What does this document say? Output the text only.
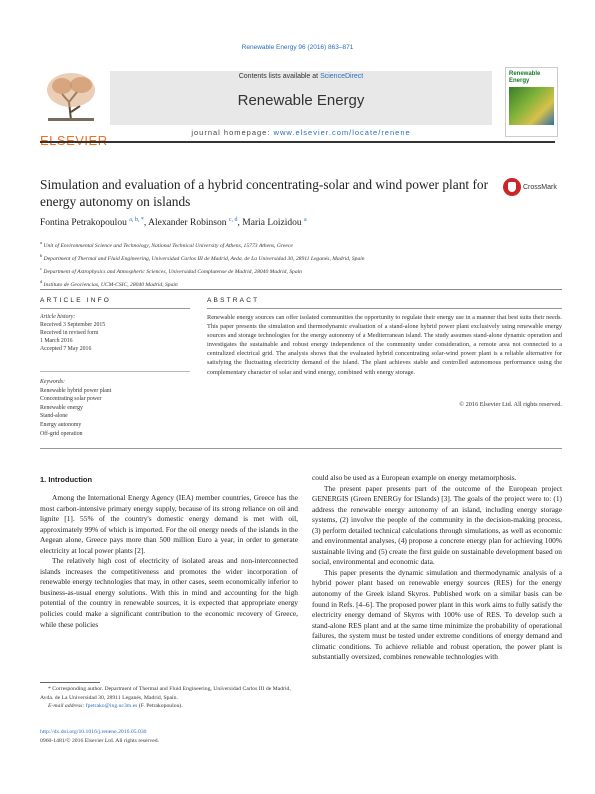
Renewable Energy 96 (2016) 863–871
ELSEVIER
Contents lists available at ScienceDirect
Renewable Energy
journal homepage: www.elsevier.com/locate/renene
Renewable Energy
Simulation and evaluation of a hybrid concentrating-solar and wind power plant for energy autonomy on islands
CrossMark
Fontina Petrakopoulou $^{a, b, *}$, Alexander Robinson $^{c, d}$, Maria Loizidou $^a$
$^a$ Unit of Environmental Science and Technology, National Technical University of Athens, 15773 Athens, Greece
$^b$ Department of Thermal and Fluid Engineering, Universidad Carlos III de Madrid, Avda. de La Universidad 30, 28911 Leganés, Madrid, Spain
$^c$ Department of Astrophysics and Atmospheric Sciences, Universidad Complutense de Madrid, 28040 Madrid, Spain
$^d$ Instituto de Geociencias, UCM-CSIC, 28040 Madrid, Spain
ARTICLE INFO	ABSTRACT
Article history:
Received 3 September 2015
Received in revised form
1 March 2016
Accepted 7 May 2016
Keywords:
Renewable hybrid power plant
Concentrating solar power
Renewable energy
Stand-alone
Energy autonomy
Off-grid operation
Renewable energy sources can offer isolated communities the opportunity to regulate their energy use in a manner that best suits their needs. This paper presents the simulation and thermodynamic evaluation of a stand-alone hybrid power plant exclusively using renewable energy sources and storage technologies for the energy autonomy of a Mediterranean island. The study assumes stand-alone dynamic operation and investigates the sustainable and robust energy independence of the community under consideration, a remote area not connected to a centralized electrical grid. The analysis shows that the evaluated hybrid concentrating solar-wind power plant is a reliable alternative for satisfying the fluctuating electricity demand of the island. The plant achieves stable and controlled autonomous performance using the complementary character of solar and wind energy, combined with energy storage.
© 2016 Elsevier Ltd. All rights reserved.
1. Introduction

Among the International Energy Agency (IEA) member countries, Greece has the most carbon-intensive primary energy supply, because of its strong reliance on oil and lignite [1]. 55% of the country's domestic energy demand is met with oil, approximately 99% of which is imported. For the oil energy needs of the islands in the Aegean alone, Greece pays more than 500 million Euro a year, in order to generate electricity at local power plants [2].

The relatively high cost of electricity of isolated areas and non-interconnected islands increases the competitiveness and promotes the wider incorporation of renewable energy technologies that may, in other cases, seem economically inferior to business-as-usual energy solutions. With this in mind and accounting for the high potential of the country in renewable sources, it is expected that appropriate energy policies could make a significant contribution to the economic recovery of Greece, while these policies

could also be used as a European example on energy metamorphosis.

The present paper presents part of the outcome of the European project GENERGIS (Green ENERGy for ISlands) [3]. The goals of the project were to: (1) address the renewable energy autonomy of an island, including energy storage systems, (2) involve the people of the community in the decision-making process, (3) perform detailed technical calculations through simulations, as well as economic and environmental analyses, (4) propose a concrete energy plan for achieving 100% sustainable living and (5) create the first guide on sustainable development based on social, environmental and economic data.

This paper presents the dynamic simulation and thermodynamic analysis of a hybrid power plant based on renewable energy sources (RES) for the energy autonomy of the Greek island Skyros. Published work on a similar basis can be found in Refs. [4–6]. The proposed power plant in this work aims to fully satisfy the electricity energy demand of Skyros with 100% use of RES. To develop such a stand-alone RES plant and at the same time minimize the probability of operational failures, the system must be tested under extreme conditions of energy demand and climatic conditions. To achieve reliable and robust operation, the power plant is substantially oversized, combines renewable technologies with

* Corresponding author. Department of Thermal and Fluid Engineering, Universidad Carlos III de Madrid, Avda. de La Universidad 30, 28911 Leganés, Madrid, Spain.

E-mail address: fpetrako@ing.uc3m.es (F. Petrakopoulou).

http://dx.doi.org/10.1016/j.renene.2016.05.030
0960-1481/© 2016 Elsevier Ltd. All rights reserved.
